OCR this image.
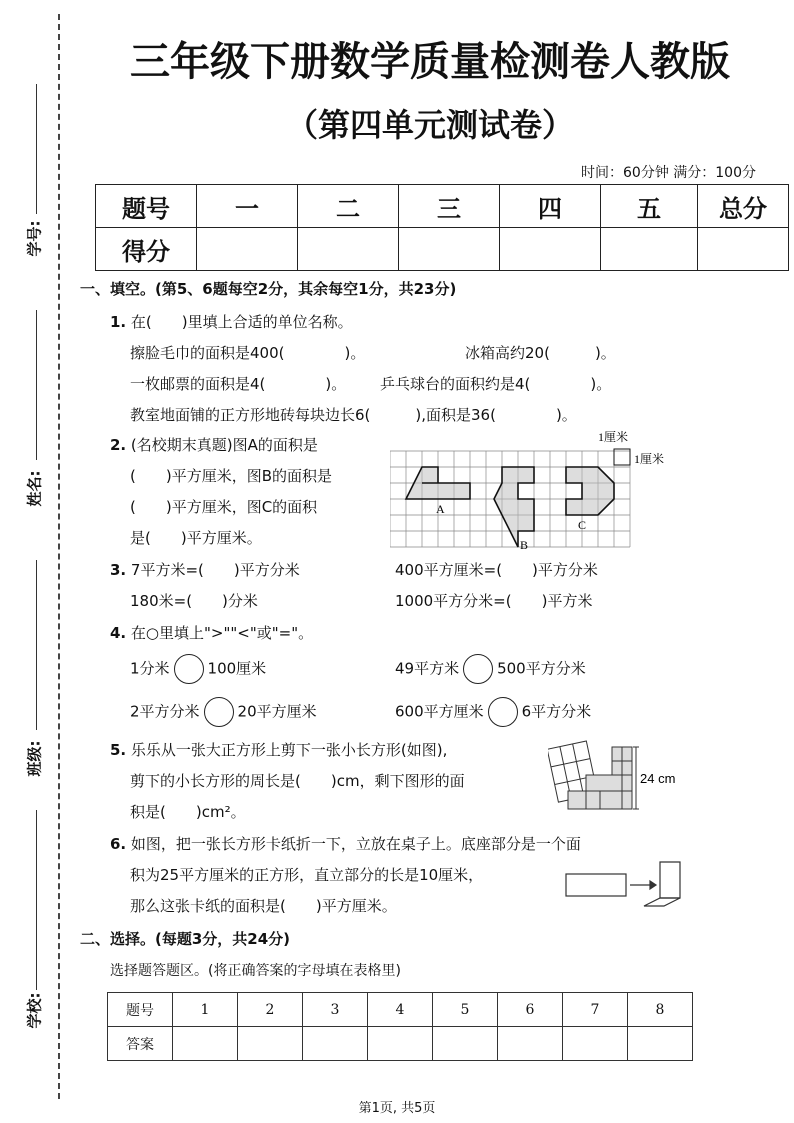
学号:
姓名:
班级:
学校:
三年级下册数学质量检测卷人教版
（第四单元测试卷）
时间：60分钟 满分：100分
题号	一	二	三	四	五	总分
得分						
一、填空。(第5、6题每空2分，其余每空1分，共23分)
1. 在(　　)里填上合适的单位名称。
擦脸毛巾的面积是400(　　　　)。	冰箱高约20(　　　)。
一枚邮票的面积是4(　　　　)。 乒乓球台的面积约是4(　　　　)。
教室地面铺的正方形地砖每块边长6(　　　),面积是36(　　　　)。
2. (名校期末真题)图A的面积是
(　　)平方厘米，图B的面积是
(　　)平方厘米，图C的面积
是(　　)平方厘米。
A
B
C
1厘米
1厘米
3. 7平方米=(　　)平方分米	400平方厘米=(　　)平方分米
180米=(　　)分米	1000平方分米=(　　)平方米
4. 在○里填上">""<"或"="。
1分米	100厘米	49平方米	500平方分米
2平方分米	20平方厘米	600平方厘米	6平方分米
5. 乐乐从一张大正方形上剪下一张小长方形(如图),
剪下的小长方形的周长是(　　)cm，剩下图形的面
积是(　　)cm²。
24 cm
6. 如图，把一张长方形卡纸折一下，立放在桌子上。底座部分是一个面
积为25平方厘米的正方形，直立部分的长是10厘米，
那么这张卡纸的面积是(　　)平方厘米。
二、选择。(每题3分，共24分)
选择题答题区。(将正确答案的字母填在表格里)
题号	1	2	3	4	5	6	7	8
答案								
第1页, 共5页
